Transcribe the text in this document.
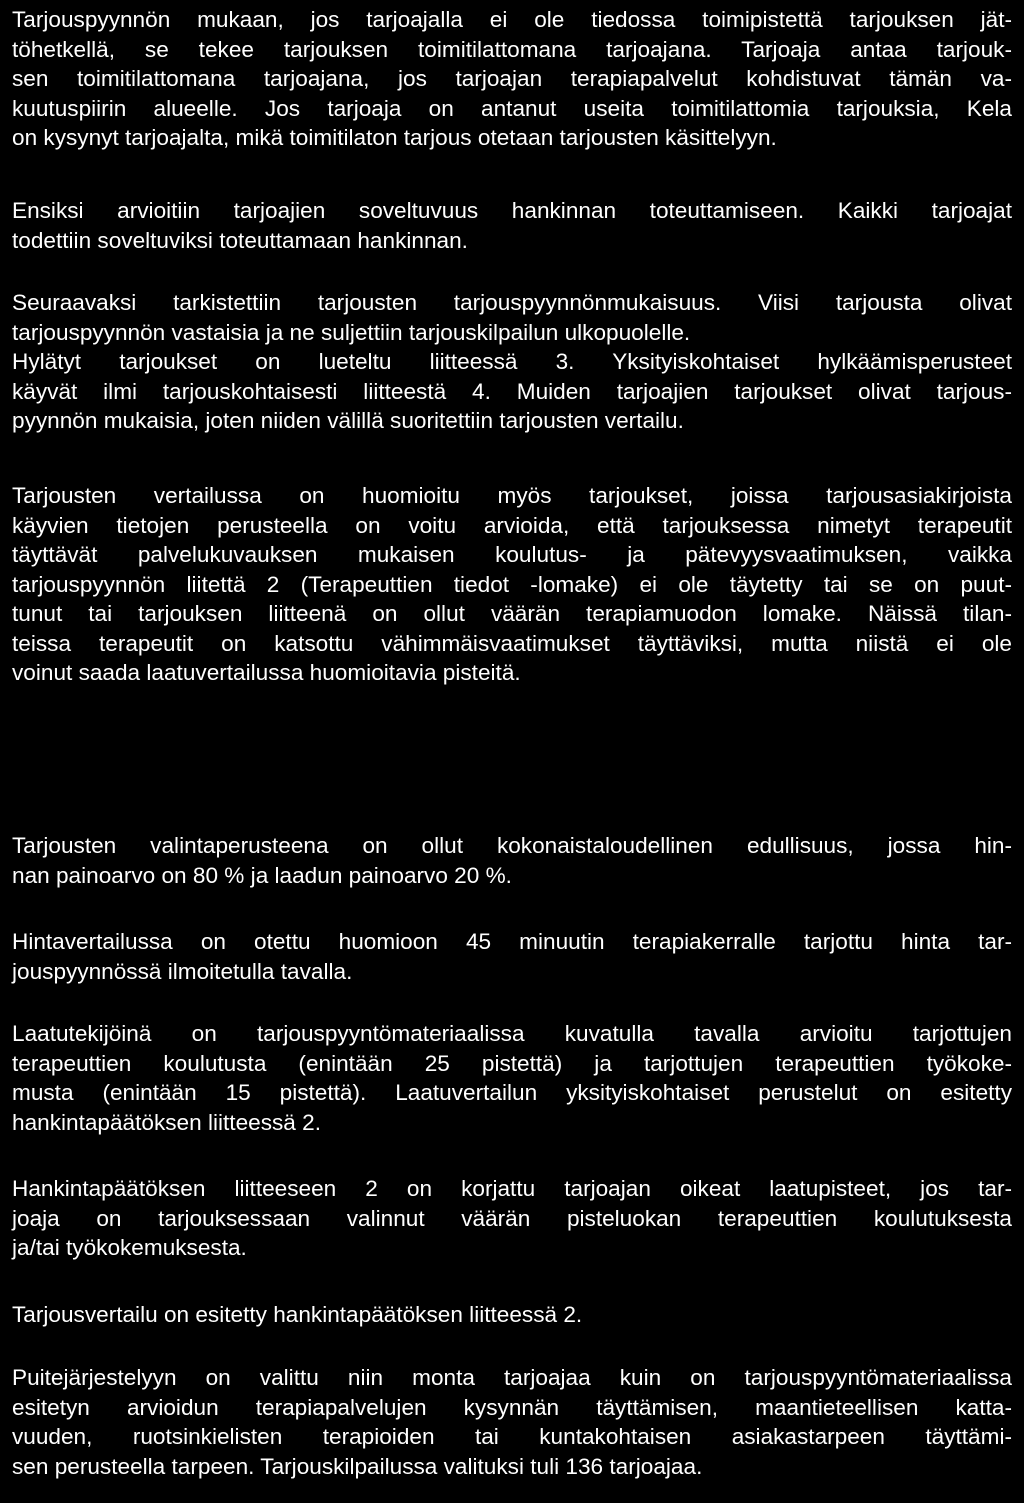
Tarjouspyynnön mukaan, jos tarjoajalla ei ole tiedossa toimipistettä tarjouksen jät-
töhetkellä, se tekee tarjouksen toimitilattomana tarjoajana. Tarjoaja antaa tarjouk-
sen toimitilattomana tarjoajana, jos tarjoajan terapiapalvelut kohdistuvat tämän va-
kuutuspiirin alueelle. Jos tarjoaja on antanut useita toimitilattomia tarjouksia, Kela
on kysynyt tarjoajalta, mikä toimitilaton tarjous otetaan tarjousten käsittelyyn.

Ensiksi arvioitiin tarjoajien soveltuvuus hankinnan toteuttamiseen. Kaikki tarjoajat
todettiin soveltuviksi toteuttamaan hankinnan.

Seuraavaksi tarkistettiin tarjousten tarjouspyynnönmukaisuus. Viisi tarjousta olivat
tarjouspyynnön vastaisia ja ne suljettiin tarjouskilpailun ulkopuolelle.
Hylätyt tarjoukset on lueteltu liitteessä 3. Yksityiskohtaiset hylkäämisperusteet
käyvät ilmi tarjouskohtaisesti liitteestä 4. Muiden tarjoajien tarjoukset olivat tarjous-
pyynnön mukaisia, joten niiden välillä suoritettiin tarjousten vertailu.

Tarjousten vertailussa on huomioitu myös tarjoukset, joissa tarjousasiakirjoista
käyvien tietojen perusteella on voitu arvioida, että tarjouksessa nimetyt terapeutit
täyttävät palvelukuvauksen mukaisen koulutus- ja pätevyysvaatimuksen, vaikka
tarjouspyynnön liitettä 2 (Terapeuttien tiedot -lomake) ei ole täytetty tai se on puut-
tunut tai tarjouksen liitteenä on ollut väärän terapiamuodon lomake. Näissä tilan-
teissa terapeutit on katsottu vähimmäisvaatimukset täyttäviksi, mutta niistä ei ole
voinut saada laatuvertailussa huomioitavia pisteitä.

Tarjousten valintaperusteena on ollut kokonaistaloudellinen edullisuus, jossa hin-
nan painoarvo on 80 % ja laadun painoarvo 20 %.

Hintavertailussa on otettu huomioon 45 minuutin terapiakerralle tarjottu hinta tar-
jouspyynnössä ilmoitetulla tavalla.

Laatutekijöinä on tarjouspyyntömateriaalissa kuvatulla tavalla arvioitu tarjottujen
terapeuttien koulutusta (enintään 25 pistettä) ja tarjottujen terapeuttien työkoke-
musta (enintään 15 pistettä). Laatuvertailun yksityiskohtaiset perustelut on esitetty
hankintapäätöksen liitteessä 2.

Hankintapäätöksen liitteeseen 2 on korjattu tarjoajan oikeat laatupisteet, jos tar-
joaja on tarjouksessaan valinnut väärän pisteluokan terapeuttien koulutuksesta
ja/tai työkokemuksesta.

Tarjousvertailu on esitetty hankintapäätöksen liitteessä 2.

Puitejärjestelyyn on valittu niin monta tarjoajaa kuin on tarjouspyyntömateriaalissa
esitetyn arvioidun terapiapalvelujen kysynnän täyttämisen, maantieteellisen katta-
vuuden, ruotsinkielisten terapioiden tai kuntakohtaisen asiakastarpeen täyttämi-
sen perusteella tarpeen. Tarjouskilpailussa valituksi tuli 136 tarjoajaa.
